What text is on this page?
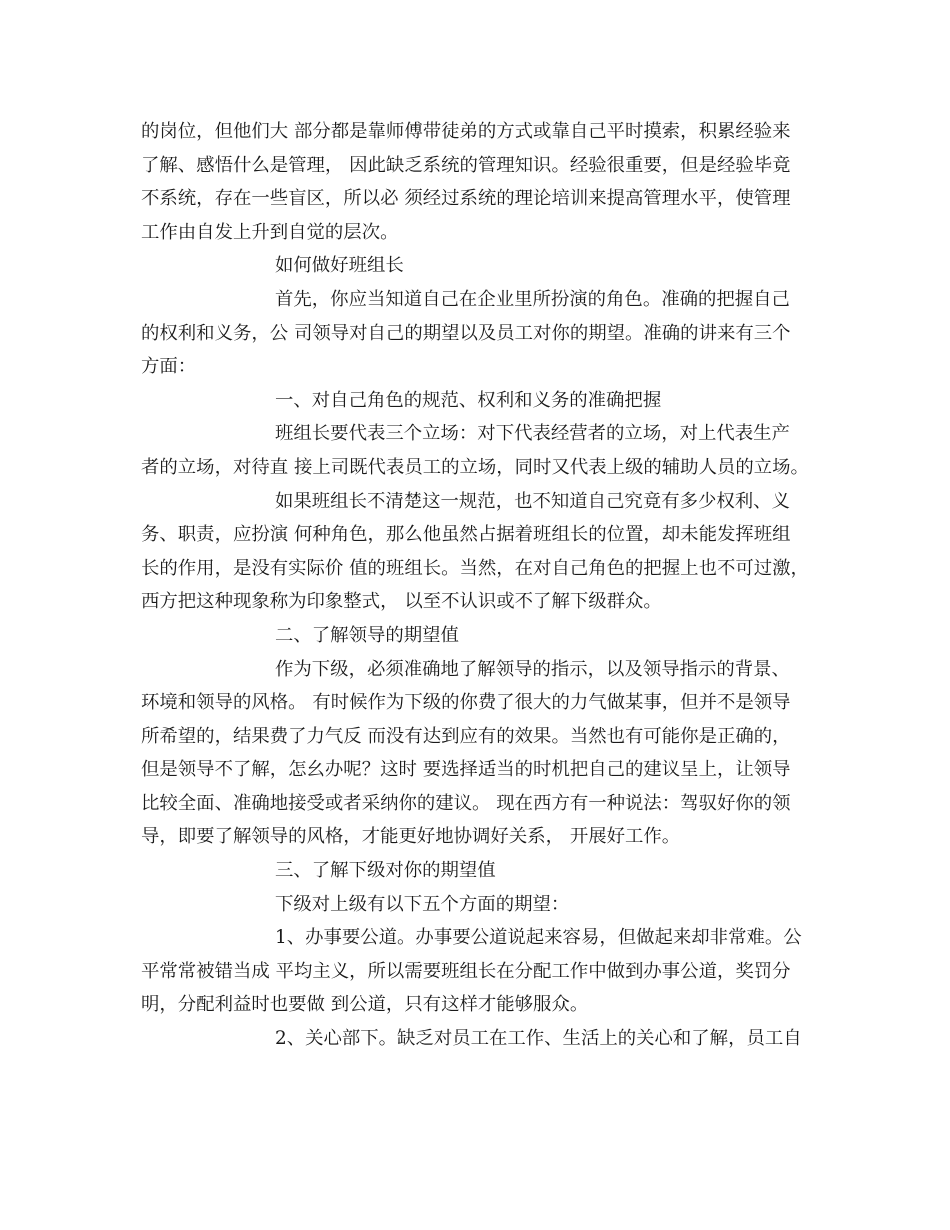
的岗位，但他们大 部分都是靠师傅带徒弟的方式或靠自己平时摸索，积累经验来
了解、感悟什么是管理， 因此缺乏系统的管理知识。经验很重要，但是经验毕竟
不系统，存在一些盲区，所以必 须经过系统的理论培训来提高管理水平，使管理
工作由自发上升到自觉的层次。
如何做好班组长
首先，你应当知道自己在企业里所扮演的角色。准确的把握自己
的权利和义务，公 司领导对自己的期望以及员工对你的期望。准确的讲来有三个
方面：
一、对自己角色的规范、权利和义务的准确把握
班组长要代表三个立场：对下代表经营者的立场，对上代表生产
者的立场，对待直 接上司既代表员工的立场，同时又代表上级的辅助人员的立场。
如果班组长不清楚这一规范，也不知道自己究竟有多少权利、义
务、职责，应扮演 何种角色，那么他虽然占据着班组长的位置，却未能发挥班组
长的作用，是没有实际价 值的班组长。当然，在对自己角色的把握上也不可过激，
西方把这种现象称为印象整式， 以至不认识或不了解下级群众。
二、了解领导的期望值
作为下级，必须准确地了解领导的指示，以及领导指示的背景、
环境和领导的风格。 有时候作为下级的你费了很大的力气做某事，但并不是领导
所希望的，结果费了力气反 而没有达到应有的效果。当然也有可能你是正确的，
但是领导不了解，怎幺办呢？这时 要选择适当的时机把自己的建议呈上，让领导
比较全面、准确地接受或者采纳你的建议。 现在西方有一种说法：驾驭好你的领
导，即要了解领导的风格，才能更好地协调好关系， 开展好工作。
三、了解下级对你的期望值
下级对上级有以下五个方面的期望：
1、办事要公道。办事要公道说起来容易，但做起来却非常难。公
平常常被错当成 平均主义，所以需要班组长在分配工作中做到办事公道，奖罚分
明，分配利益时也要做 到公道，只有这样才能够服众。
2、关心部下。缺乏对员工在工作、生活上的关心和了解，员工自
